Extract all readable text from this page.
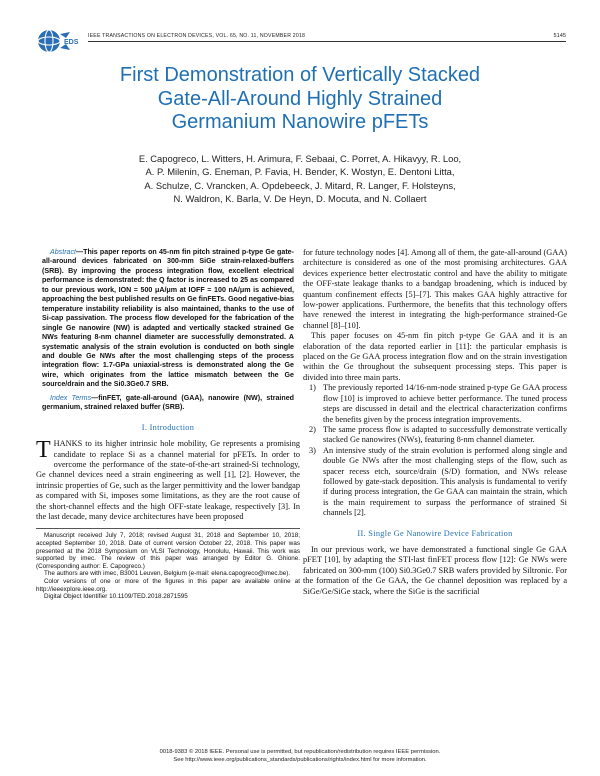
EDS
IEEE TRANSACTIONS ON ELECTRON DEVICES, VOL. 65, NO. 11, NOVEMBER 2018	5145
First Demonstration of Vertically Stacked
Gate-All-Around Highly Strained
Germanium Nanowire pFETs
E. Capogreco, L. Witters, H. Arimura, F. Sebaai, C. Porret, A. Hikavyy, R. Loo,
A. P. Milenin, G. Eneman, P. Favia, H. Bender, K. Wostyn, E. Dentoni Litta,
A. Schulze, C. Vrancken, A. Opdebeeck, J. Mitard, R. Langer, F. Holsteyns,
N. Waldron, K. Barla, V. De Heyn, D. Mocuta, and N. Collaert

Abstract—This paper reports on 45-nm fin pitch strained p-type Ge gate-all-around devices fabricated on 300-mm SiGe strain-relaxed-buffers (SRB). By improving the process integration flow, excellent electrical performance is demonstrated: the Q factor is increased to 25 as compared to our previous work, ION = 500 μA/μm at IOFF = 100 nA/μm is achieved, approaching the best published results on Ge finFETs. Good negative-bias temperature instability reliability is also maintained, thanks to the use of Si-cap passivation. The process flow developed for the fabrication of the single Ge nanowire (NW) is adapted and vertically stacked strained Ge NWs featuring 8-nm channel diameter are successfully demonstrated. A systematic analysis of the strain evolution is conducted on both single and double Ge NWs after the most challenging steps of the process integration flow: 1.7-GPa uniaxial-stress is demonstrated along the Ge wire, which originates from the lattice mismatch between the Ge source/drain and the Si0.3Ge0.7 SRB.

Index Terms—finFET, gate-all-around (GAA), nanowire (NW), strained germanium, strained relaxed buffer (SRB).

I. Introduction

THANKS to its higher intrinsic hole mobility, Ge represents a promising candidate to replace Si as a channel material for pFETs. In order to overcome the performance of the state-of-the-art strained-Si technology, Ge channel devices need a strain engineering as well [1], [2]. However, the intrinsic properties of Ge, such as the larger permittivity and the lower bandgap as compared with Si, imposes some limitations, as they are the root cause of the short-channel effects and the high OFF-state leakage, respectively [3]. In the last decade, many device architectures have been proposed

Manuscript received July 7, 2018; revised August 31, 2018 and September 10, 2018; accepted September 10, 2018. Date of current version October 22, 2018. This paper was presented at the 2018 Symposium on VLSI Technology, Honolulu, Hawaii. This work was supported by imec. The review of this paper was arranged by Editor G. Ghione. (Corresponding author: E. Capogreco.)

The authors are with imec, B3001 Leuven, Belgium (e-mail: elena.capogreco@imec.be).

Color versions of one or more of the figures in this paper are available online at http://ieeexplore.ieee.org.

Digital Object Identifier 10.1109/TED.2018.2871595

for future technology nodes [4]. Among all of them, the gate-all-around (GAA) architecture is considered as one of the most promising architectures. GAA devices experience better electrostatic control and have the ability to mitigate the OFF-state leakage thanks to a bandgap broadening, which is induced by quantum confinement effects [5]–[7]. This makes GAA highly attractive for low-power applications. Furthermore, the benefits that this technology offers have renewed the interest in integrating the high-performance strained-Ge channel [8]–[10].

This paper focuses on 45-nm fin pitch p-type Ge GAA and it is an elaboration of the data reported earlier in [11]: the particular emphasis is placed on the Ge GAA process integration flow and on the strain investigation within the Ge throughout the subsequent processing steps. This paper is divided into three main parts.

1) The previously reported 14/16-nm-node strained p-type Ge GAA process flow [10] is improved to achieve better performance. The tuned process steps are discussed in detail and the electrical characterization confirms the benefits given by the process integration improvements.
2) The same process flow is adapted to successfully demonstrate vertically stacked Ge nanowires (NWs), featuring 8-nm channel diameter.
3) An intensive study of the strain evolution is performed along single and double Ge NWs after the most challenging steps of the flow, such as spacer recess etch, source/drain (S/D) formation, and NWs release followed by gate-stack deposition. This analysis is fundamental to verify if during process integration, the Ge GAA can maintain the strain, which is the main requirement to surpass the performance of strained Si channels [2].
II. Single Ge Nanowire Device Fabrication

In our previous work, we have demonstrated a functional single Ge GAA pFET [10], by adapting the STI-last finFET process flow [12]: Ge NWs were fabricated on 300-mm (100) Si0.3Ge0.7 SRB wafers provided by Siltronic. For the formation of the Ge GAA, the Ge channel deposition was replaced by a SiGe/Ge/SiGe stack, where the SiGe is the sacrificial

0018-9383 © 2018 IEEE. Personal use is permitted, but republication/redistribution requires IEEE permission.
See http://www.ieee.org/publications_standards/publications/rights/index.html for more information.
